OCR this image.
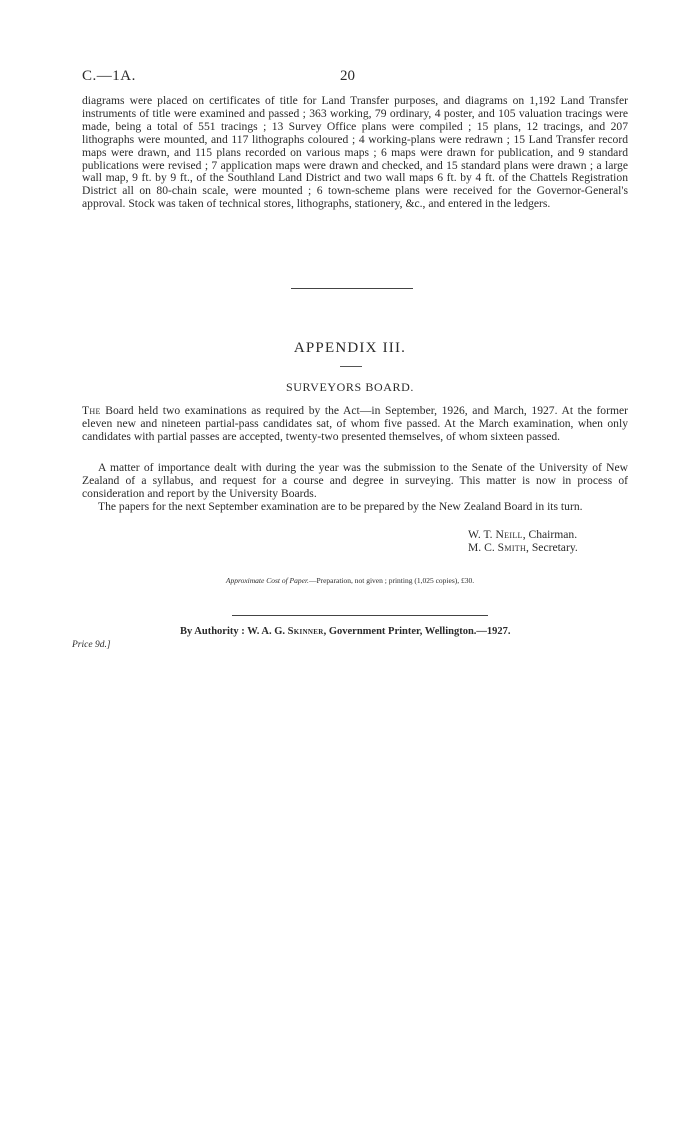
C.—1A.	20

diagrams were placed on certificates of title for Land Transfer purposes, and diagrams on 1,192 Land Transfer instruments of title were examined and passed ; 363 working, 79 ordinary, 4 poster, and 105 valuation tracings were made, being a total of 551 tracings ; 13 Survey Office plans were compiled ; 15 plans, 12 tracings, and 207 lithographs were mounted, and 117 lithographs coloured ; 4 working-plans were redrawn ; 15 Land Transfer record maps were drawn, and 115 plans recorded on various maps ; 6 maps were drawn for publication, and 9 standard publications were revised ; 7 application maps were drawn and checked, and 15 standard plans were drawn ; a large wall map, 9 ft. by 9 ft., of the Southland Land District and two wall maps 6 ft. by 4 ft. of the Chattels Registration District all on 80-chain scale, were mounted ; 6 town-scheme plans were received for the Governor-General's approval. Stock was taken of technical stores, lithographs, stationery, &c., and entered in the ledgers.

APPENDIX III.
SURVEYORS BOARD.

The Board held two examinations as required by the Act—in September, 1926, and March, 1927. At the former eleven new and nineteen partial-pass candidates sat, of whom five passed. At the March examination, when only candidates with partial passes are accepted, twenty-two presented themselves, of whom sixteen passed.

A matter of importance dealt with during the year was the submission to the Senate of the University of New Zealand of a syllabus, and request for a course and degree in surveying. This matter is now in process of consideration and report by the University Boards.

The papers for the next September examination are to be prepared by the New Zealand Board in its turn.

W. T. Neill, Chairman.
M. C. Smith, Secretary.
Approximate Cost of Paper.—Preparation, not given ; printing (1,025 copies), £30.
By Authority : W. A. G. Skinner, Government Printer, Wellington.—1927.
Price 9d.]
